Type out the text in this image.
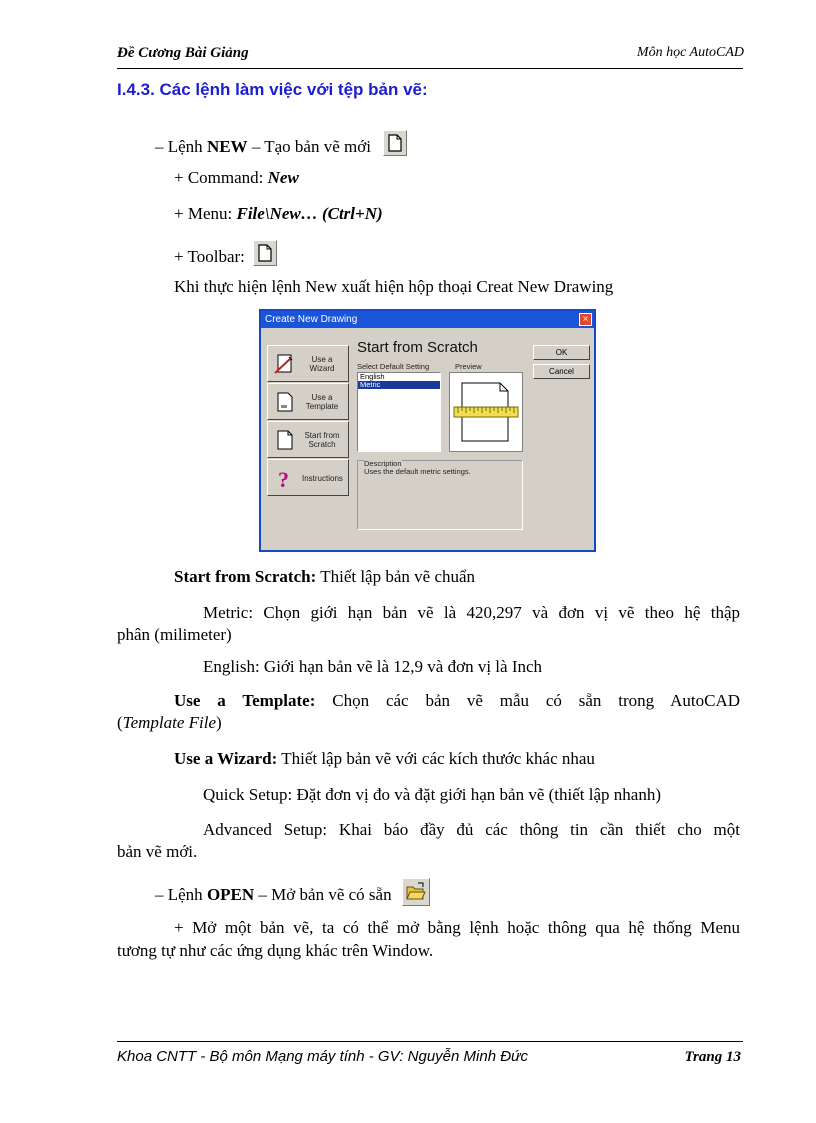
Đề Cương Bài Giảng	Môn học AutoCAD
I.4.3. Các lệnh làm việc với tệp bản vẽ:
– Lệnh NEW – Tạo bản vẽ mới
+ Command: New
+ Menu: File\New… (Ctrl+N)
+ Toolbar:
Khi thực hiện lệnh New xuất hiện hộp thoại Creat New Drawing
Create New Drawing	×
Use a Wizard
Use a Template
Start from Scratch
? Instructions
Start from Scratch
Select Default Setting	Preview
English
Metric
Description
Uses the default metric settings.
OK
Cancel
Start from Scratch: Thiết lập bản vẽ chuẩn
Metric: Chọn giới hạn bản vẽ là 420,297 và đơn vị vẽ theo hệ thập
phân (milimeter)
English: Giới hạn bản vẽ là 12,9 và đơn vị là Inch
Use a Template: Chọn các bản vẽ mẫu có sẵn trong AutoCAD
(Template File)
Use a Wizard: Thiết lập bản vẽ với các kích thước khác nhau
Quick Setup: Đặt đơn vị đo và đặt giới hạn bản vẽ (thiết lập nhanh)
Advanced Setup: Khai báo đầy đủ các thông tin cần thiết cho một
bản vẽ mới.
– Lệnh OPEN – Mở bản vẽ có sẵn
+ Mở một bản vẽ, ta có thể mở bằng lệnh hoặc thông qua hệ thống Menu
tương tự như các ứng dụng khác trên Window.
Khoa CNTT - Bộ môn Mạng máy tính - GV: Nguyễn Minh Đức	Trang 13
